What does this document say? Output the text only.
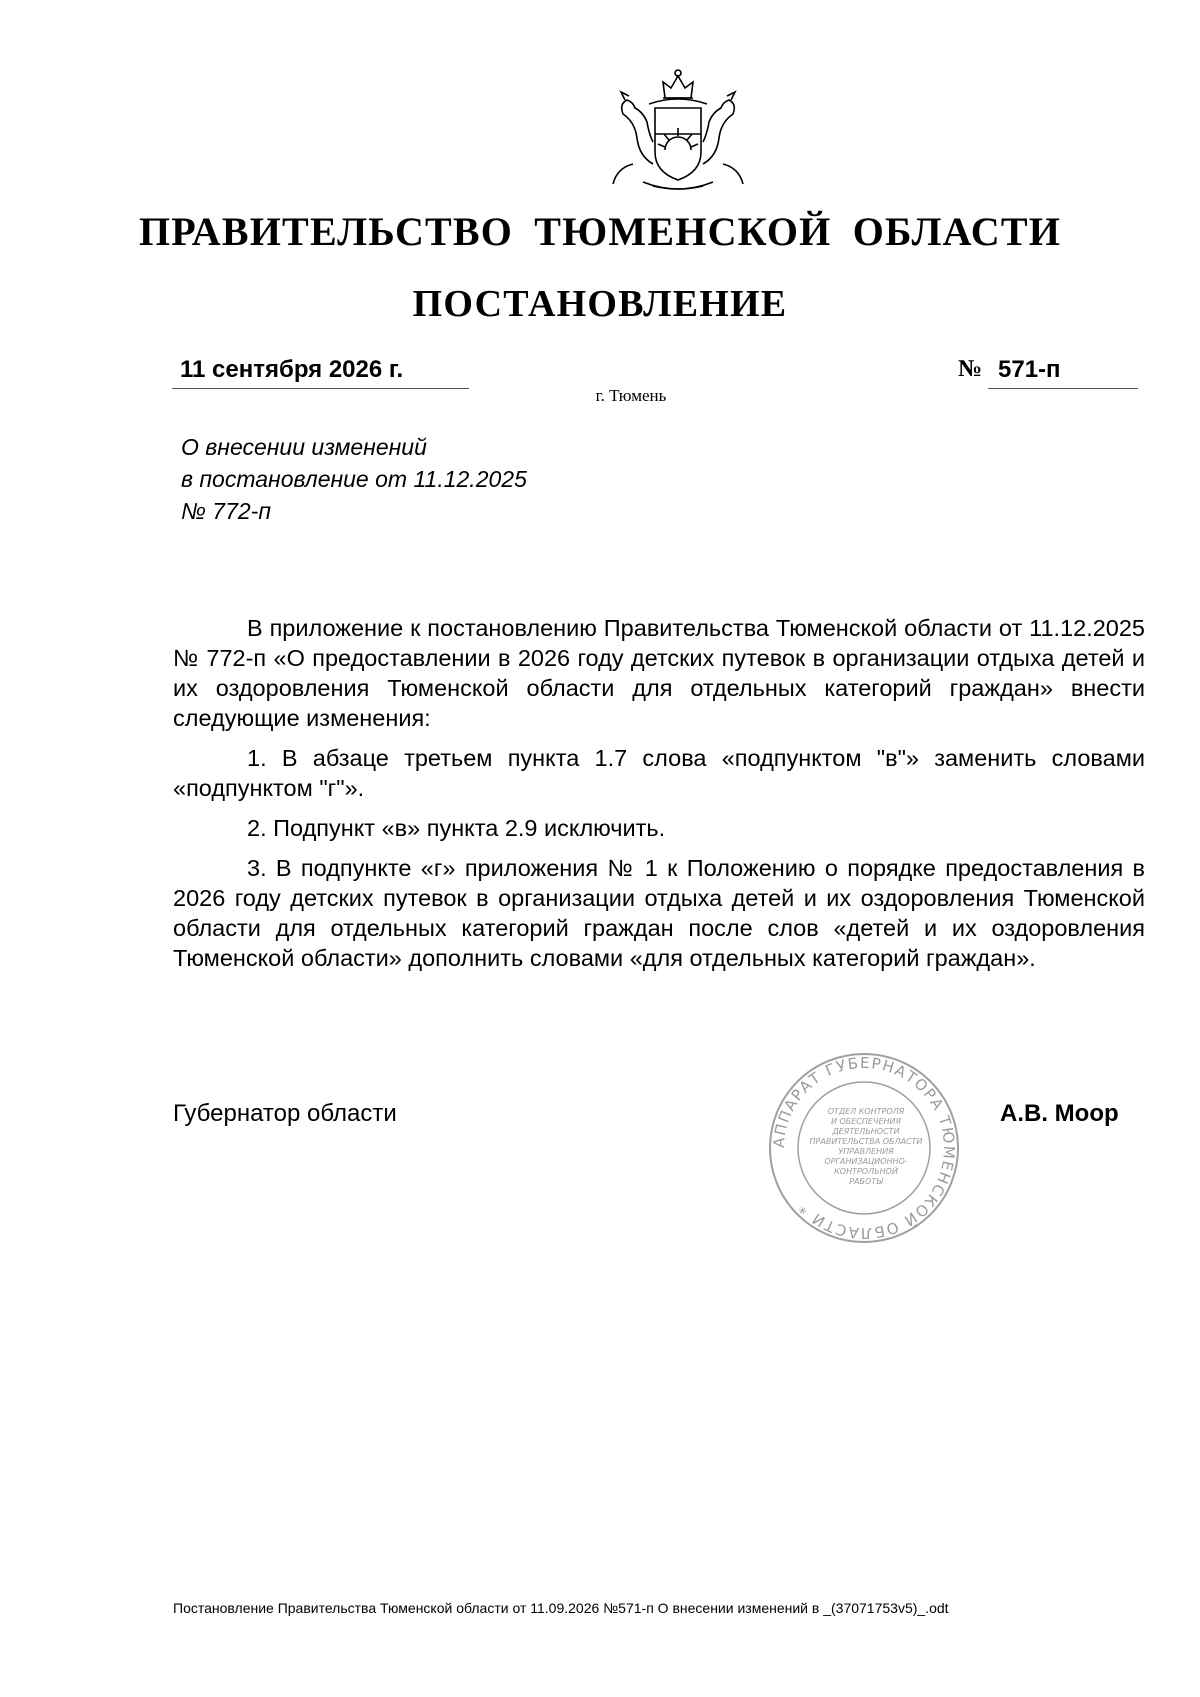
ПРАВИТЕЛЬСТВО ТЮМЕНСКОЙ ОБЛАСТИ
ПОСТАНОВЛЕНИЕ
11 сентября 2026 г.	№ 571-п
г. Тюмень
О внесении изменений
в постановление от 11.12.2025
№ 772-п

В приложение к постановлению Правительства Тюменской области от 11.12.2025 № 772-п «О предоставлении в 2026 году детских путевок в организации отдыха детей и их оздоровления Тюменской области для отдельных категорий граждан» внести следующие изменения:

1. В абзаце третьем пункта 1.7 слова «подпунктом "в"» заменить словами «подпунктом "г"».

2. Подпункт «в» пункта 2.9 исключить.

3. В подпункте «г» приложения № 1 к Положению о порядке предоставления в 2026 году детских путевок в организации отдыха детей и их оздоровления Тюменской области для отдельных категорий граждан после слов «детей и их оздоровления Тюменской области» дополнить словами «для отдельных категорий граждан».

Губернатор области
АППАРАТ ГУБЕРНАТОРА ТЮМЕНСКОЙ ОБЛАСТИ *
ОТДЕЛ КОНТРОЛЯ
И ОБЕСПЕЧЕНИЯ
ДЕЯТЕЛЬНОСТИ
ПРАВИТЕЛЬСТВА ОБЛАСТИ
УПРАВЛЕНИЯ
ОРГАНИЗАЦИОННО-
КОНТРОЛЬНОЙ
РАБОТЫ
А.В. Моор
Постановление Правительства Тюменской области от 11.09.2026 №571-п О внесении изменений в _(37071753v5)_.odt
